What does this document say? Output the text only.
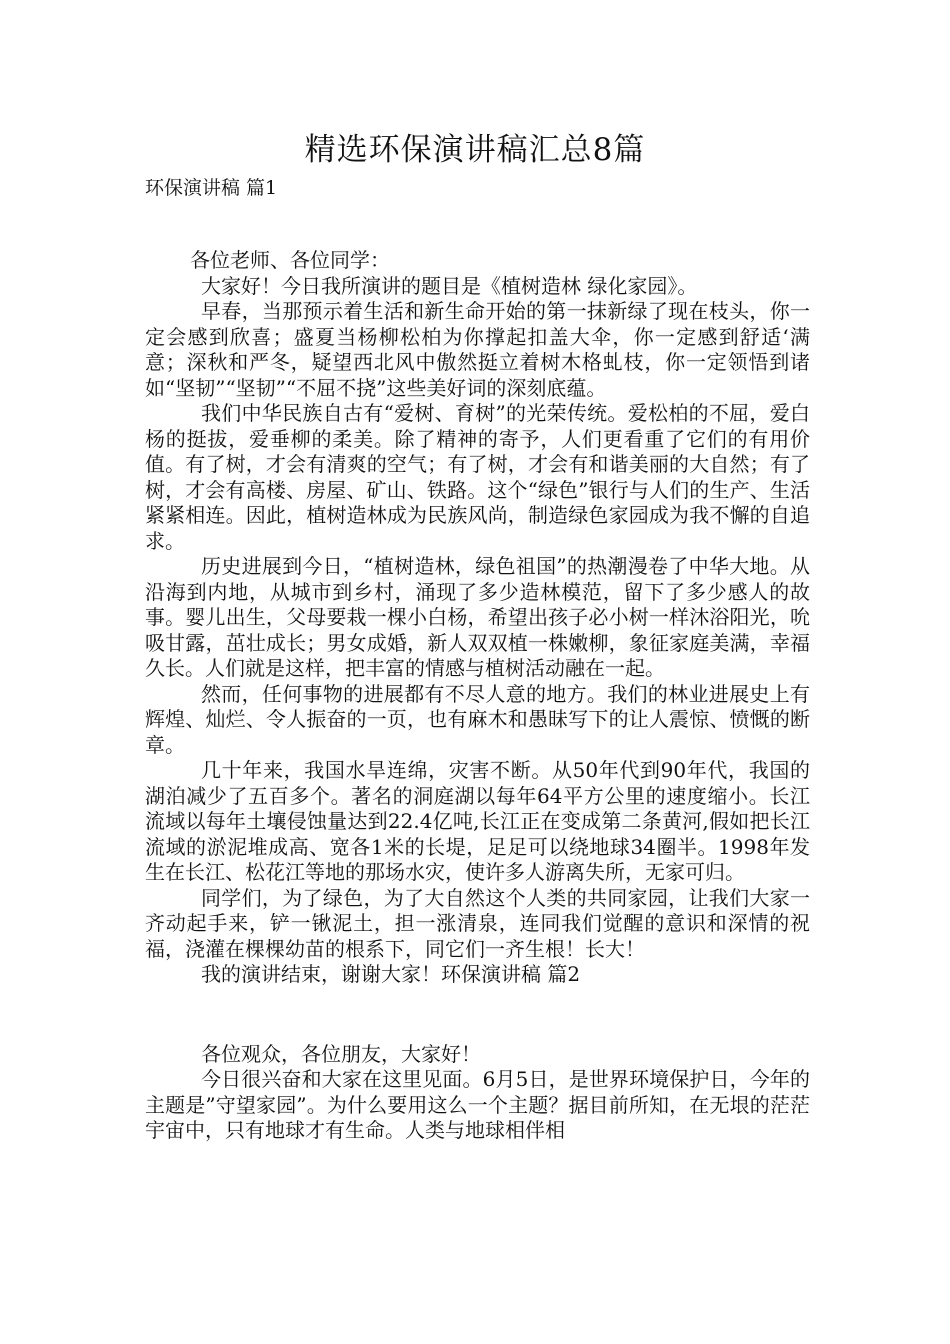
精选环保演讲稿汇总8篇
环保演讲稿 篇1

各位老师、各位同学：

大家好！今日我所演讲的题目是《植树造林 绿化家园》。

早春，当那预示着生活和新生命开始的第一抹新绿了现在枝头，你一定会感到欣喜；盛夏当杨柳松柏为你撑起扣盖大伞，你一定感到舒适‘满意；深秋和严冬，疑望西北风中傲然挺立着树木格虬枝，你一定领悟到诸如“坚韧”“坚韧”“不屈不挠”这些美好词的深刻底蕴。

我们中华民族自古有“爱树、育树”的光荣传统。爱松柏的不屈，爱白杨的挺拔，爱垂柳的柔美。除了精神的寄予，人们更看重了它们的有用价值。有了树，才会有清爽的空气；有了树，才会有和谐美丽的大自然；有了树，才会有高楼、房屋、矿山、铁路。这个“绿色”银行与人们的生产、生活紧紧相连。因此，植树造林成为民族风尚，制造绿色家园成为我不懈的自追求。

历史进展到今日，“植树造林，绿色祖国”的热潮漫卷了中华大地。从沿海到内地，从城市到乡村，涌现了多少造林模范，留下了多少感人的故事。婴儿出生，父母要栽一棵小白杨，希望出孩子必小树一样沐浴阳光，吮吸甘露，茁壮成长；男女成婚，新人双双植一株嫩柳，象征家庭美满，幸福久长。人们就是这样，把丰富的情感与植树活动融在一起。

然而，任何事物的进展都有不尽人意的地方。我们的林业进展史上有辉煌、灿烂、令人振奋的一页，也有麻木和愚昧写下的让人震惊、愤慨的断章。

几十年来，我国水旱连绵，灾害不断。从50年代到90年代，我国的湖泊减少了五百多个。著名的洞庭湖以每年64平方公里的速度缩小。长江流域以每年土壤侵蚀量达到22.4亿吨,长江正在变成第二条黄河,假如把长江流域的淤泥堆成高、宽各1米的长堤，足足可以绕地球34圈半。1998年发生在长江、松花江等地的那场水灾，使许多人游离失所，无家可归。

同学们，为了绿色，为了大自然这个人类的共同家园，让我们大家一齐动起手来，铲一锹泥土，担一涨清泉，连同我们觉醒的意识和深情的祝福，浇灌在棵棵幼苗的根系下，同它们一齐生根！长大！

我的演讲结束，谢谢大家！环保演讲稿 篇2

各位观众，各位朋友，大家好！

今日很兴奋和大家在这里见面。6月5日，是世界环境保护日，今年的主题是”守望家园”。为什么要用这么一个主题？据目前所知，在无垠的茫茫宇宙中，只有地球才有生命。人类与地球相伴相
